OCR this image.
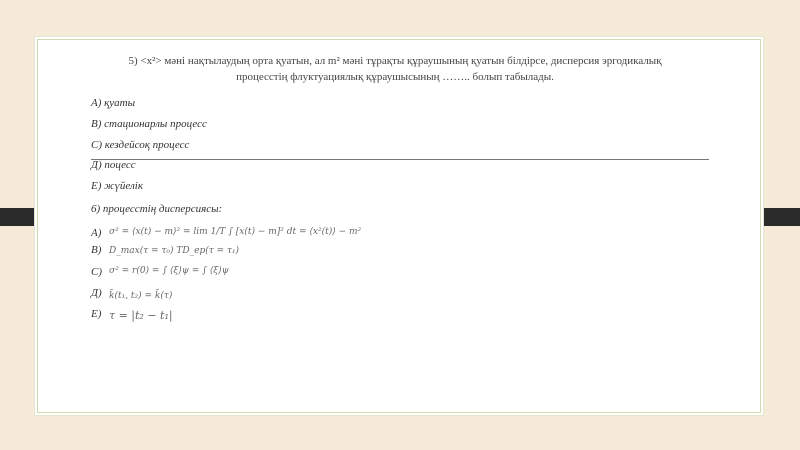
5) <x²> мәні нақтылаудың орта қуатын, ал m² мәні тұрақты құраушының қуатын білдірсе, дисперсия эргодикалық процесстің флуктуациялық құраушысының …….. болып табылады.
А) қуаты
В) стационарлы процесс
С) кездейсоқ процесс
Д) поцесс
Е) жүйелік
6) процесстің дисперсиясы:
А) σ² = ⟨x(t) − m⟩² = lim 1/T ∫ [x(t) − m]² dt = ⟨x²(t)⟩ − m²
В) D_max(τ = τ₀) TD_ep(τ = τ₁)
С) σ² = r(0) = ∫ ⟨ξ⟩ψ = ∫ ⟨ξ⟩ψ
Д) k̃(t₁, t₂) = k̃(τ)
Е) τ = |t₂ − t₁|
